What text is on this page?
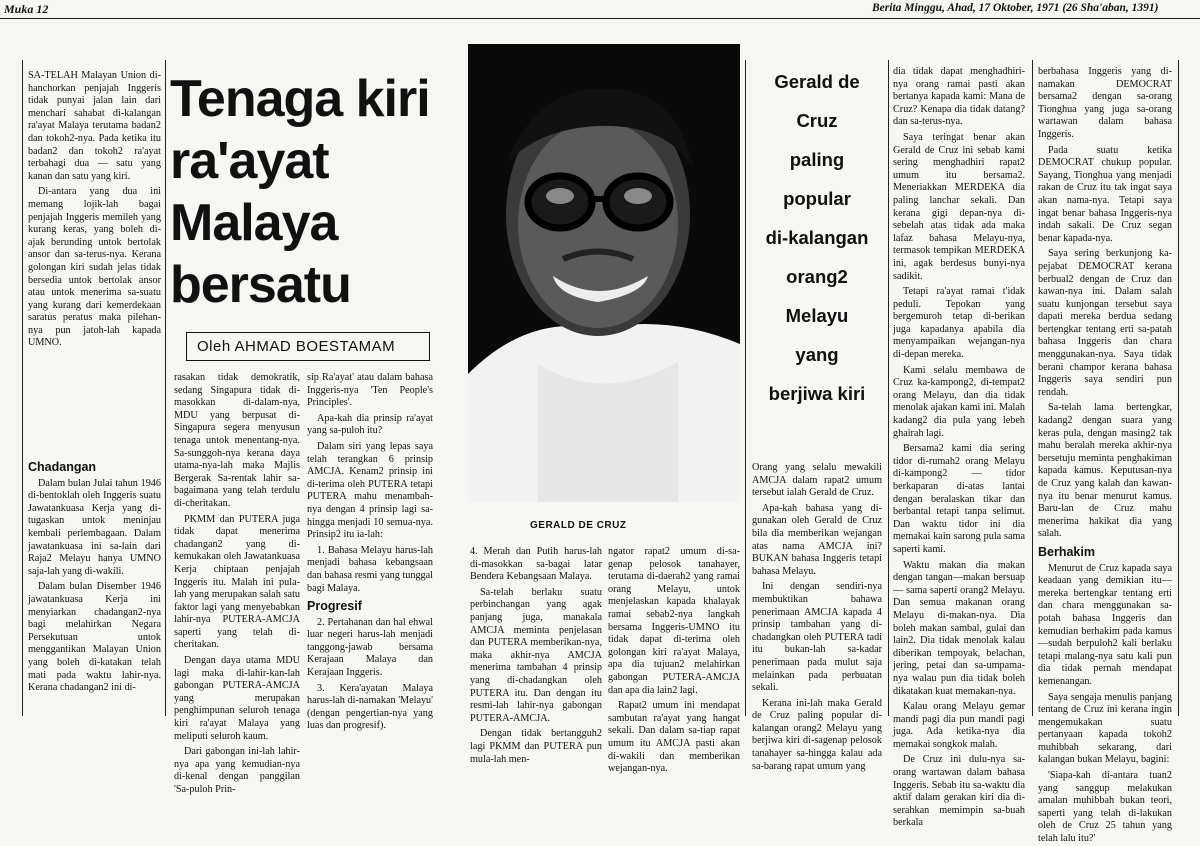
Muka 12	Berita Minggu, Ahad, 17 Oktober, 1971 (26 Sha'aban, 1391)

SA-TELAH Malayan Union di-hanchorkan penjajah Inggeris tidak punyai jalan lain dari menchari sahabat di-kalangan ra'ayat Malaya terutama badan2 dan tokoh2-nya. Pada ketika itu badan2 dan tokoh2 ra'ayat terbahagi dua — satu yang kanan dan satu yang kiri.

Di-antara yang dua ini memang lojik-lah bagai penjajah Inggeris memileh yang kurang keras, yang boleh di-ajak berunding untok bertolak ansor dan sa-terus-nya. Kerana golongan kiri sudah jelas tidak bersedia untok bertolak ansor atau untok menerima sa-suatu yang kurang dari kemerdekaan saratus peratus maka pilehan-nya pun jatoh-lah kapada UMNO.

Chadangan

Dalam bulan Julai tahun 1946 di-bentoklah oleh Inggeris suatu Jawatankuasa Kerja yang di-tugaskan untok meninjau kembali perlembagaan. Dalam jawatankuasa ini sa-lain dari Raja2 Melayu hanya UMNO saja-lah yang di-wakili.

Dalam bulan Disember 1946 jawatankuasa Kerja ini menyiarkan chadangan2-nya bagi melahirkan Negara Persekutuan untok menggantikan Malayan Union yang boleh di-katakan telah mati pada waktu lahir-nya. Kerana chadangan2 ini di-

Tenaga kiri
ra'ayat
Malaya
bersatu
Oleh AHMAD BOESTAMAM

rasakan tidak demokratik, sedang Singapura tidak di-masokkan di-dalam-nya, MDU yang berpusat di-Singapura segera menyusun tenaga untok menentang-nya. Sa-sunggoh-nya kerana daya utama-nya-lah maka Majlis Bergerak Sa-rentak lahir sa-bagaimana yang telah terdulu di-cheritakan.

PKMM dan PUTERA juga tidak dapat menerima chadangan2 yang di-kemukakan oleh Jawatankuasa Kerja chiptaan penjajah Inggeris itu. Malah ini pula-lah yang merupakan salah satu faktor lagi yang menyebabkan lahir-nya PUTERA-AMCJA saperti yang telah di-cheritakan.

Dengan daya utama MDU lagi maka di-lahir-kan-lah gabongan PUTERA-AMCJA yang merupakan penghimpunan seluroh tenaga kiri ra'ayat Malaya yang meliputi seluroh kaum.

Dari gabongan ini-lah lahir-nya apa yang kemudian-nya di-kenal dengan panggilan 'Sa-puloh Prin-

sip Ra'ayat' atau dalam bahasa Inggeris-nya 'Ten People's Principles'.

Apa-kah dia prinsip ra'ayat yang sa-puloh itu?

Dalam siri yang lepas saya telah terangkan 6 prinsip AMCJA. Kenam2 prinsip ini di-terima oleh PUTERA tetapi PUTERA mahu menambah-nya dengan 4 prinsip lagi sa-hingga menjadi 10 semua-nya. Prinsip2 itu ia-lah:

1. Bahasa Melayu harus-lah menjadi bahasa kebangsaan dan bahasa resmi yang tunggal bagi Malaya.

Progresif

2. Pertahanan dan hal ehwal luar negeri harus-lah menjadi tanggong-jawab bersama Kerajaan Malaya dan Kerajaan Inggeris.

3. Kera'ayatan Malaya harus-lah di-namakan 'Melayu' (dengan pengertian-nya yang luas dan progresif).

GERALD DE CRUZ

4. Merah dan Putih harus-lah di-masokkan sa-bagai latar Bendera Kebangsaan Malaya.

Sa-telah berlaku suatu perbinchangan yang agak panjang juga, manakala AMCJA meminta penjelasan dan PUTERA memberikan-nya, maka akhir-nya AMCJA menerima tambahan 4 prinsip yang di-chadangkan oleh PUTERA itu. Dan dengan itu resmi-lah lahir-nya gabongan PUTERA-AMCJA.

Dengan tidak bertangguh2 lagi PKMM dan PUTERA pun mula-lah men-

ngator rapat2 umum di-sa-genap pelosok tanahayer, terutama di-daerah2 yang ramai orang Melayu, untok menjelaskan kapada khalayak ramai sebab2-nya langkah bersama Inggeris-UMNO itu tidak dapat di-terima oleh golongan kiri ra'ayat Malaya, apa dia tujuan2 melahirkan gabongan PUTERA-AMCJA dan apa dia lain2 lagi.

Rapat2 umum ini mendapat sambutan ra'ayat yang hangat sekali. Dan dalam sa-tiap rapat umum itu AMCJA pasti akan di-wakili dan memberikan wejangan-nya.

Gerald de
Cruz
paling
popular
di-kalangan
orang2
Melayu
yang
berjiwa kiri

Orang yang selalu mewakili AMCJA dalam rapat2 umum tersebut ialah Gerald de Cruz.

Apa-kah bahasa yang di-gunakan oleh Gerald de Cruz bila dia memberikan wejangan atas nama AMCJA ini? BUKAN bahasa Inggeris tetapi bahasa Melayu.

Ini dengan sendiri-nya membuktikan bahawa penerimaan AMCJA kapada 4 prinsip tambahan yang di-chadangkan oleh PUTERA tadi itu bukan-lah sa-kadar penerimaan pada mulut saja melainkan pada perbuatan sekali.

Kerana ini-lah maka Gerald de Cruz paling popular di-kalangan orang2 Melayu yang berjiwa kiri di-sagenap pelosok tanahayer sa-hingga kalau ada sa-barang rapat umum yang

dia tidak dapat menghadhiri-nya orang ramai pasti akan bertanya kapada kami: Mana de Cruz? Kenapa dia tidak datang? dan sa-terus-nya.

Saya teringat benar akan Gerald de Cruz ini sebab kami sering menghadhiri rapat2 umum itu bersama2. Meneriakkan MERDEKA dia paling lanchar sekali. Dan kerana gigi depan-nya di-sebelah atas tidak ada maka lafaz bahasa Melayu-nya, termasok tempikan MERDEKA ini, agak berdesus bunyi-nya sadikit.

Tetapi ra'ayat ramai t'idak peduli. Tepokan yang bergemuroh tetap di-berikan juga kapadanya apabila dia menyampaikan wejangan-nya di-depan mereka.

Kami selalu membawa de Cruz ka-kampong2, di-tempat2 orang Melayu, dan dia tidak menolak ajakan kami ini. Malah kadang2 dia pula yang lebeh ghairah lagi.

Bersama2 kami dia sering tidor di-rumah2 orang Melayu di-kampong2 — tidor berkaparan di-atas lantai dengan beralaskan tikar dan berbantal tetapi tanpa selimut. Dan waktu tidor ini dia memakai kain sarong pula sama saperti kami.

Waktu makan dia makan dengan tangan—makan bersuap— sama saperti orang2 Melayu. Dan semua makanan orang Melayu di-makan-nya. Dia boleh makan sambal, gulai dan lain2. Dia tidak menolak kalau diberikan tempoyak, belachan, jering, petai dan sa-umpama-nya walau pun dia tidak boleh dikatakan kuat memakan-nya.

Kalau orang Melayu gemar mandi pagi dia pun mandi pagi juga. Ada ketika-nya dia memakai songkok malah.

De Cruz ini dulu-nya sa-orang wartawan dalam bahasa Inggeris. Sebab itu sa-waktu dia aktif dalam gerakan kiri dia di-serahkan memimpin sa-buah berkala

berbahasa Inggeris yang di-namakan DEMOCRAT bersama2 dengan sa-orang Tionghua yang juga sa-orang wartawan dalam bahasa Inggeris.

Pada suatu ketika DEMOCRAT chukup popular. Sayang, Tionghua yang menjadi rakan de Cruz itu tak ingat saya akan nama-nya. Tetapi saya ingat benar bahasa Inggeris-nya indah sakali. De Cruz segan benar kapada-nya.

Saya sering berkunjong ka-pejabat DEMOCRAT kerana berbual2 dengan de Cruz dan kawan-nya ini. Dalam salah suatu kunjongan tersebut saya dapati mereka berdua sedang bertengkar tentang erti sa-patah bahasa Inggeris dan chara menggunakan-nya. Saya tidak berani champor kerana bahasa Inggeris saya sendiri pun rendah.

Sa-telah lama bertengkar, kadang2 dengan suara yang keras pula, dengan masing2 tak mahu beralah mereka akhir-nya bersetuju meminta penghakiman kapada kamus. Keputusan-nya de Cruz yang kalah dan kawan-nya itu benar menurut kamus. Baru-lan de Cruz mahu menerima hakikat dia yang salah.

Berhakim

Menurut de Cruz kapada saya keadaan yang demikian itu—mereka bertengkar tentang erti dan chara menggunakan sa-potah bahasa Inggeris dan kemudian berhakim pada kamus—sudah berpuloh2 kali berlaku tetapi malang-nya satu kali pun dia tidak pernah mendapat kemenangan.

Saya sengaja menulis panjang tentang de Cruz ini kerana ingin mengemukakan suatu pertanyaan kapada tokoh2 muhibbah sekarang, dari kalangan bukan Melayu, bagini:

'Siapa-kah di-antara tuan2 yang sanggup melakukan amalan muhibbah bukan teori, saperti yang telah di-lakukan oleh de Cruz 25 tahun yang telah lalu itu?'
